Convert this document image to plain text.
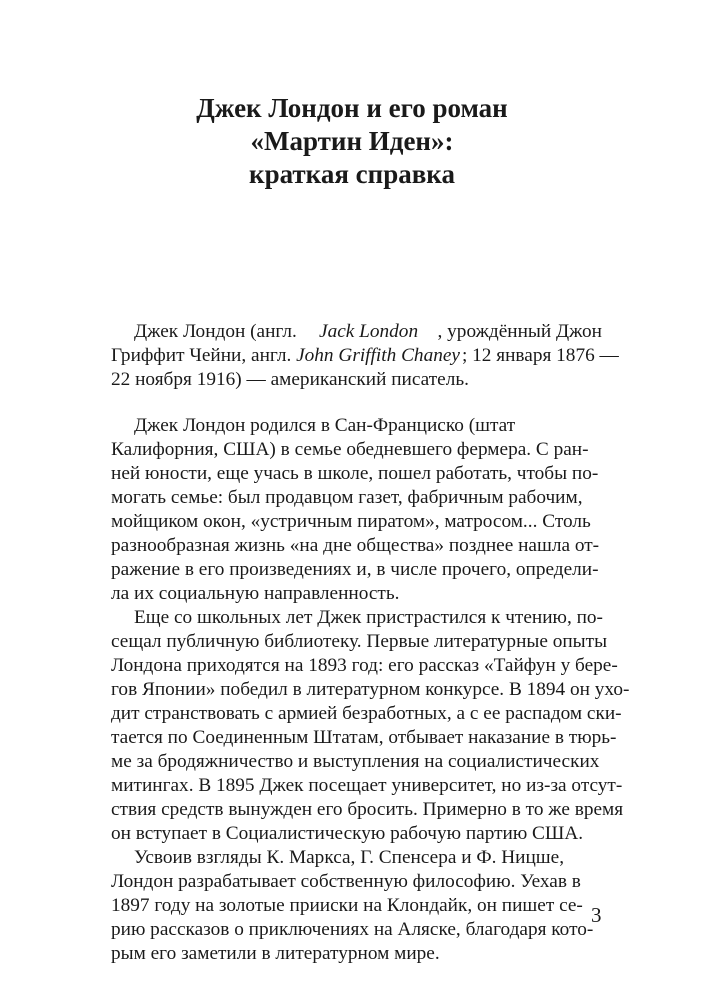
Джек Лондон и его роман
«Мартин Иден»:
краткая справка
Джек Лондон (англ. Jack London , урождённый Джон
Гриффит Чейни, англ. John Griffith Chaney ; 12 января 1876 —
22 ноября 1916) — американский писатель.
Джек Лондон родился в Сан-Франциско (штат
Калифорния, США) в семье обедневшего фермера. С ран-
ней юности, еще учась в школе, пошел работать, чтобы по-
могать семье: был продавцом газет, фабричным рабочим,
мойщиком окон, «устричным пиратом», матросом... Столь
разнообразная жизнь «на дне общества» позднее нашла от-
ражение в его произведениях и, в числе прочего, определи-
ла их социальную направленность.
Еще со школьных лет Джек пристрастился к чтению, по-
сещал публичную библиотеку. Первые литературные опыты
Лондона приходятся на 1893 год: его рассказ «Тайфун у бере-
гов Японии» победил в литературном конкурсе. В 1894 он ухо-
дит странствовать с армией безработных, а с ее распадом ски-
тается по Соединенным Штатам, отбывает наказание в тюрь-
ме за бродяжничество и выступления на социалистических
митингах. В 1895 Джек посещает университет, но из-за отсут-
ствия средств вынужден его бросить. Примерно в то же время
он вступает в Социалистическую рабочую партию США.
Усвоив взгляды К. Маркса, Г. Спенсера и Ф. Ницше,
Лондон разрабатывает собственную философию. Уехав в
1897 году на золотые прииски на Клондайк, он пишет се-
рию рассказов о приключениях на Аляске, благодаря кото-
рым его заметили в литературном мире.
3
